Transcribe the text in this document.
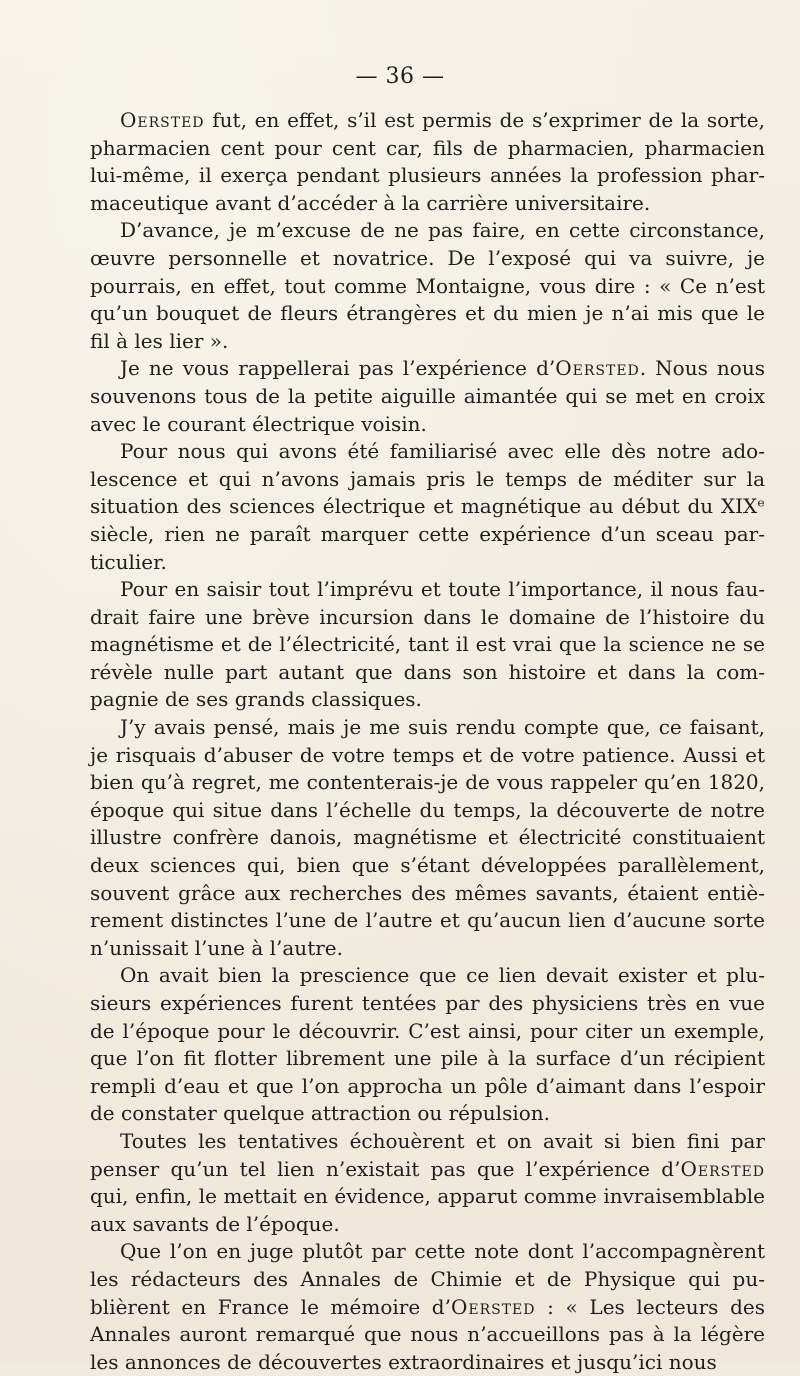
— 36 —

Oersted fut, en effet, s’il est permis de s’exprimer de la sorte, pharmacien cent pour cent car, fils de pharmacien, pharmacien lui-même, il exerça pendant plusieurs années la profession pharmaceutique avant d’accéder à la carrière universitaire.

D’avance, je m’excuse de ne pas faire, en cette circonstance, œuvre personnelle et novatrice. De l’exposé qui va suivre, je pourrais, en effet, tout comme Montaigne, vous dire : « Ce n’est qu’un bouquet de fleurs étrangères et du mien je n’ai mis que le fil à les lier ».

Je ne vous rappellerai pas l’expérience d’Oersted. Nous nous souvenons tous de la petite aiguille aimantée qui se met en croix avec le courant électrique voisin.

Pour nous qui avons été familiarisé avec elle dès notre adolescence et qui n’avons jamais pris le temps de méditer sur la situation des sciences électrique et magnétique au début du XIXᵉ siècle, rien ne paraît marquer cette expérience d’un sceau particulier.

Pour en saisir tout l’imprévu et toute l’importance, il nous faudrait faire une brève incursion dans le domaine de l’histoire du magnétisme et de l’électricité, tant il est vrai que la science ne se révèle nulle part autant que dans son histoire et dans la compagnie de ses grands classiques.

J’y avais pensé, mais je me suis rendu compte que, ce faisant, je risquais d’abuser de votre temps et de votre patience. Aussi et bien qu’à regret, me contenterais-je de vous rappeler qu’en 1820, époque qui situe dans l’échelle du temps, la découverte de notre illustre confrère danois, magnétisme et électricité constituaient deux sciences qui, bien que s’étant développées parallèlement, souvent grâce aux recherches des mêmes savants, étaient entièrement distinctes l’une de l’autre et qu’aucun lien d’aucune sorte n’unissait l’une à l’autre.

On avait bien la prescience que ce lien devait exister et plusieurs expériences furent tentées par des physiciens très en vue de l’époque pour le découvrir. C’est ainsi, pour citer un exemple, que l’on fit flotter librement une pile à la surface d’un récipient rempli d’eau et que l’on approcha un pôle d’aimant dans l’espoir de constater quelque attraction ou répulsion.

Toutes les tentatives échouèrent et on avait si bien fini par penser qu’un tel lien n’existait pas que l’expérience d’Oersted qui, enfin, le mettait en évidence, apparut comme invraisemblable aux savants de l’époque.

Que l’on en juge plutôt par cette note dont l’accompagnèrent les rédacteurs des Annales de Chimie et de Physique qui publièrent en France le mémoire d’Oersted : « Les lecteurs des Annales auront remarqué que nous n’accueillons pas à la légère les annonces de découvertes extraordinaires et jusqu’ici nous
